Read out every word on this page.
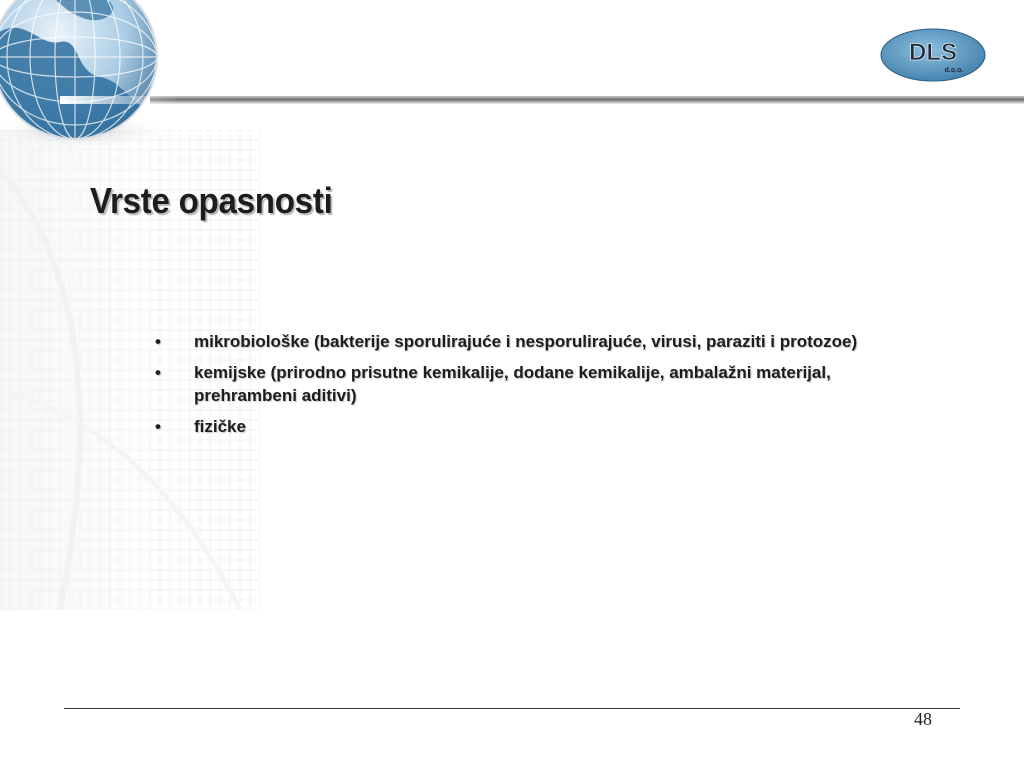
DLS
d.o.o.
Vrste opasnosti
• mikrobiološke (bakterije sporulirajuće i nesporulirajuće, virusi, paraziti i protozoe)
• kemijske (prirodno prisutne kemikalije, dodane kemikalije, ambalažni materijal, prehrambeni aditivi)
• fizičke
48
